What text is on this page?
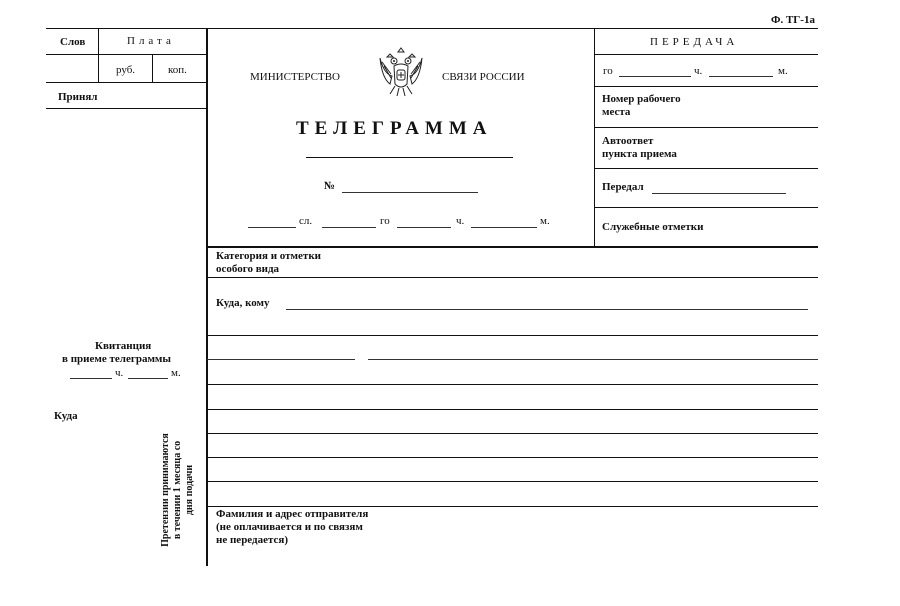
Ф. ТГ-1а
Слов	Плата
руб.	коп.
Принял
Квитанция
в приеме телеграммы
ч.	м.
Куда
Претензии принимаются в течении 1 месяца со дня подачи
МИНИСТЕРСТВО	СВЯЗИ РОССИИ
ТЕЛЕГРАММА
№
сл.	го	ч.	м.
ПЕРЕДАЧА
го	ч.	м.
Номер рабочего
места
Автоответ
пункта приема
Передал
Служебные отметки
Категория и отметки
особого вида
Куда, кому
Фамилия и адрес отправителя
(не оплачивается и по связям
не передается)
